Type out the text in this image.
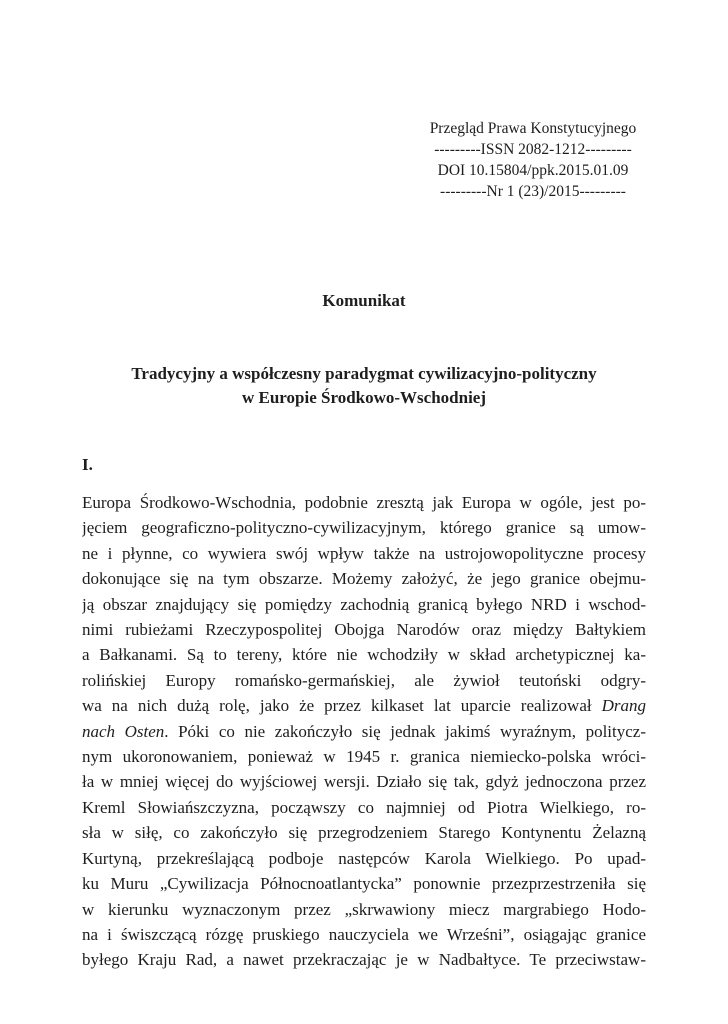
Przegląd Prawa Konstytucyjnego
---------ISSN 2082-1212---------
DOI 10.15804/ppk.2015.01.09
---------Nr 1 (23)/2015---------
Komunikat
Tradycyjny a współczesny paradygmat cywilizacyjno-polityczny
w Europie Środkowo-Wschodniej
I.
Europa Środkowo-Wschodnia, podobnie zresztą jak Europa w ogóle, jest po-
jęciem geograficzno-polityczno-cywilizacyjnym, którego granice są umow-
ne i płynne, co wywiera swój wpływ także na ustrojowopolityczne procesy
dokonujące się na tym obszarze. Możemy założyć, że jego granice obejmu-
ją obszar znajdujący się pomiędzy zachodnią granicą byłego NRD i wschod-
nimi rubieżami Rzeczypospolitej Obojga Narodów oraz między Bałtykiem
a Bałkanami. Są to tereny, które nie wchodziły w skład archetypicznej ka-
rolińskiej Europy romańsko-germańskiej, ale żywioł teutoński odgry-
wa na nich dużą rolę, jako że przez kilkaset lat uparcie realizował Drang
nach Osten. Póki co nie zakończyło się jednak jakimś wyraźnym, politycz-
nym ukoronowaniem, ponieważ w 1945 r. granica niemiecko-polska wróci-
ła w mniej więcej do wyjściowej wersji. Działo się tak, gdyż jednoczona przez
Kreml Słowiańszczyzna, począwszy co najmniej od Piotra Wielkiego, ro-
sła w siłę, co zakończyło się przegrodzeniem Starego Kontynentu Żelazną
Kurtyną, przekreślającą podboje następców Karola Wielkiego. Po upad-
ku Muru „Cywilizacja Północnoatlantycka” ponownie przezprzestrzeniła się
w kierunku wyznaczonym przez „skrwawiony miecz margrabiego Hodo-
na i świszczącą rózgę pruskiego nauczyciela we Wrześni”, osiągając granice
byłego Kraju Rad, a nawet przekraczając je w Nadbałtyce. Te przeciwstaw-
